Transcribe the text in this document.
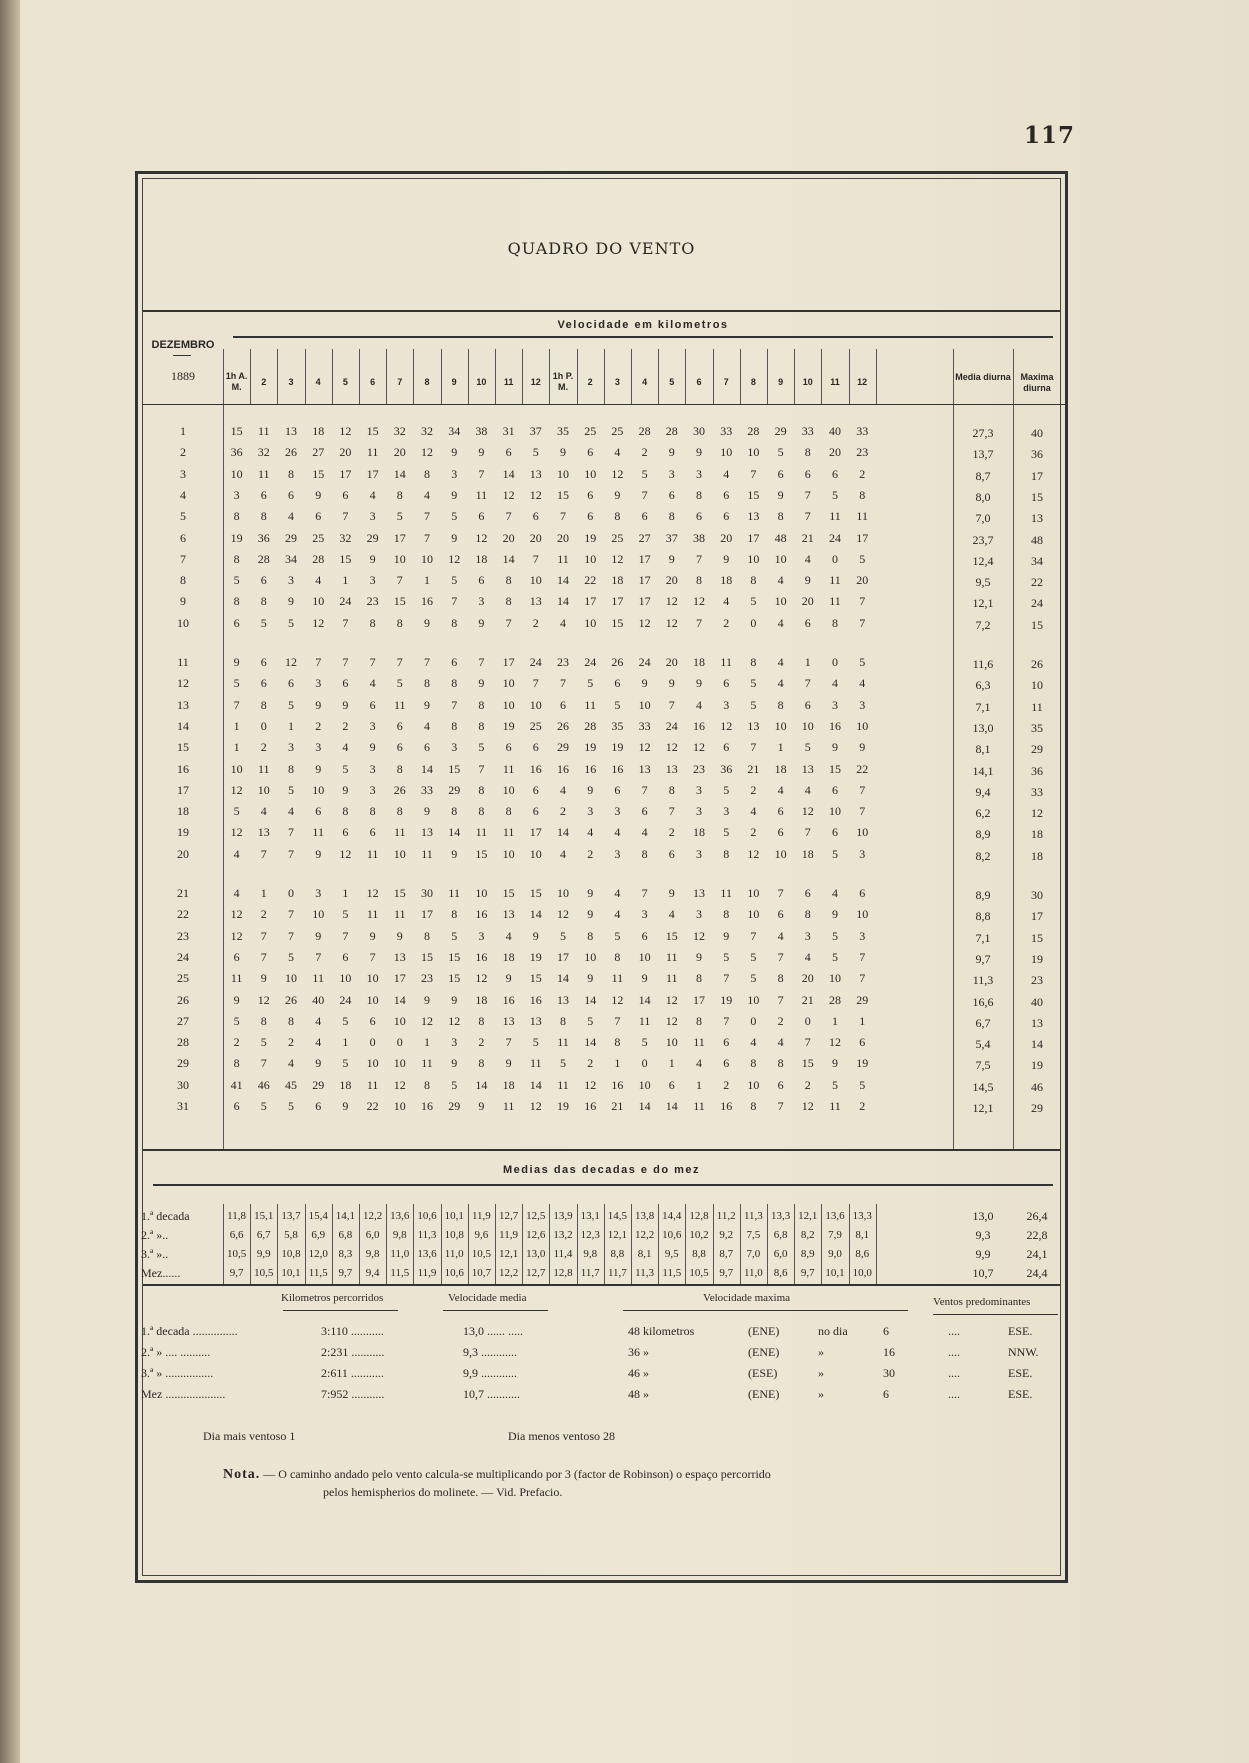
117
QUADRO DO VENTO
DEZEMBRO
1889
Velocidade em kilometros
1h A. M.	2	3	4	5	6	7	8	9	10	11	12
1h P. M.	2	3	4	5	6	7	8	9	10	11	12	Media diurna	Maxima diurna
1	15	11	13	18	12	15	32	32	34	38	31	37	35	25	25	28	28	30	33	28	29	33	40	33	27,3	40
2	36	32	26	27	20	11	20	12	9	9	6	5	9	6	4	2	9	9	10	10	5	8	20	23	13,7	36
3	10	11	8	15	17	17	14	8	3	7	14	13	10	10	12	5	3	3	4	7	6	6	6	2	8,7	17
4	3	6	6	9	6	4	8	4	9	11	12	12	15	6	9	7	6	8	6	15	9	7	5	8	8,0	15
5	8	8	4	6	7	3	5	7	5	6	7	6	7	6	8	6	8	6	6	13	8	7	11	11	7,0	13
6	19	36	29	25	32	29	17	7	9	12	20	20	20	19	25	27	37	38	20	17	48	21	24	17	23,7	48
7	8	28	34	28	15	9	10	10	12	18	14	7	11	10	12	17	9	7	9	10	10	4	0	5	12,4	34
8	5	6	3	4	1	3	7	1	5	6	8	10	14	22	18	17	20	8	18	8	4	9	11	20	9,5	22
9	8	8	9	10	24	23	15	16	7	3	8	13	14	17	17	17	12	12	4	5	10	20	11	7	12,1	24
10	6	5	5	12	7	8	8	9	8	9	7	2	4	10	15	12	12	7	2	0	4	6	8	7	7,2	15
11	9	6	12	7	7	7	7	7	6	7	17	24	23	24	26	24	20	18	11	8	4	1	0	5	11,6	26
12	5	6	6	3	6	4	5	8	8	9	10	7	7	5	6	9	9	9	6	5	4	7	4	4	6,3	10
13	7	8	5	9	9	6	11	9	7	8	10	10	6	11	5	10	7	4	3	5	8	6	3	3	7,1	11
14	1	0	1	2	2	3	6	4	8	8	19	25	26	28	35	33	24	16	12	13	10	10	16	10	13,0	35
15	1	2	3	3	4	9	6	6	3	5	6	6	29	19	19	12	12	12	6	7	1	5	9	9	8,1	29
16	10	11	8	9	5	3	8	14	15	7	11	16	16	16	16	13	13	23	36	21	18	13	15	22	14,1	36
17	12	10	5	10	9	3	26	33	29	8	10	6	4	9	6	7	8	3	5	2	4	4	6	7	9,4	33
18	5	4	4	6	8	8	8	9	8	8	8	6	2	3	3	6	7	3	3	4	6	12	10	7	6,2	12
19	12	13	7	11	6	6	11	13	14	11	11	17	14	4	4	4	2	18	5	2	6	7	6	10	8,9	18
20	4	7	7	9	12	11	10	11	9	15	10	10	4	2	3	8	6	3	8	12	10	18	5	3	8,2	18
21	4	1	0	3	1	12	15	30	11	10	15	15	10	9	4	7	9	13	11	10	7	6	4	6	8,9	30
22	12	2	7	10	5	11	11	17	8	16	13	14	12	9	4	3	4	3	8	10	6	8	9	10	8,8	17
23	12	7	7	9	7	9	9	8	5	3	4	9	5	8	5	6	15	12	9	7	4	3	5	3	7,1	15
24	6	7	5	7	6	7	13	15	15	16	18	19	17	10	8	10	11	9	5	5	7	4	5	7	9,7	19
25	11	9	10	11	10	10	17	23	15	12	9	15	14	9	11	9	11	8	7	5	8	20	10	7	11,3	23
26	9	12	26	40	24	10	14	9	9	18	16	16	13	14	12	14	12	17	19	10	7	21	28	29	16,6	40
27	5	8	8	4	5	6	10	12	12	8	13	13	8	5	7	11	12	8	7	0	2	0	1	1	6,7	13
28	2	5	2	4	1	0	0	1	3	2	7	5	11	14	8	5	10	11	6	4	4	7	12	6	5,4	14
29	8	7	4	9	5	10	10	11	9	8	9	11	5	2	1	0	1	4	6	8	8	15	9	19	7,5	19
30	41	46	45	29	18	11	12	8	5	14	18	14	11	12	16	10	6	1	2	10	6	2	5	5	14,5	46
31	6	5	5	6	9	22	10	16	29	9	11	12	19	16	21	14	14	11	16	8	7	12	11	2	12,1	29
Medias das decadas e do mez
1.ª decada	11,8 15,1 13,7 15,4 14,1 12,2 13,6 10,6 10,1 11,9 12,7 12,5 13,9 13,1 14,5 13,8 14,4 12,8 11,2 11,3 13,3 12,1 13,6 13,3	13,0	26,4
2.ª »..	6,6	6,7	5,8	6,9	6,8	6,0	9,8 11,3 10,8 9,6 11,9 12,6 13,2 12,3 12,1 12,2 10,6 10,2 9,2	7,5	6,8	8,2	7,9	8,1	9,3	22,8
3.ª »..	10,5 9,9 10,8 12,0 8,3	9,8 11,0 13,6 11,0 10,5 12,1 13,0 11,4 9,8	8,8	8,1	9,5	8,8	8,7	7,0	6,0	8,9	9,0	8,6	9,9	24,1
Mez......	9,7 10,5 10,1 11,5 9,7	9,4 11,5 11,9 10,6 10,7 12,2 12,7 12,8 11,7 11,7 11,3 11,5 10,5 9,7 11,0 8,6	9,7 10,1 10,0	10,7	24,4
Kilometros percorridos	Velocidade media	Velocidade maxima	Ventos predominantes
1.ª decada ...............	3:110 ...........	13,0 ...... .....	48 kilometros	(ENE)	no dia	6	....	ESE.
2.ª » .... ..........	2:231 ...........	9,3 ............	36 »	(ENE)	»	16	....	NNW.
3.ª » ................	2:611 ...........	9,9 ............	46 »	(ESE)	»	30	....	ESE.
Mez ....................	7:952 ...........	10,7 ...........	48 »	(ENE)	»	6	....	ESE.
Dia mais ventoso 1	Dia menos ventoso 28
Nota. — O caminho andado pelo vento calcula-se multiplicando por 3 (factor de Robinson) o espaço percorrido
pelos hemispherios do molinete. — Vid. Prefacio.
